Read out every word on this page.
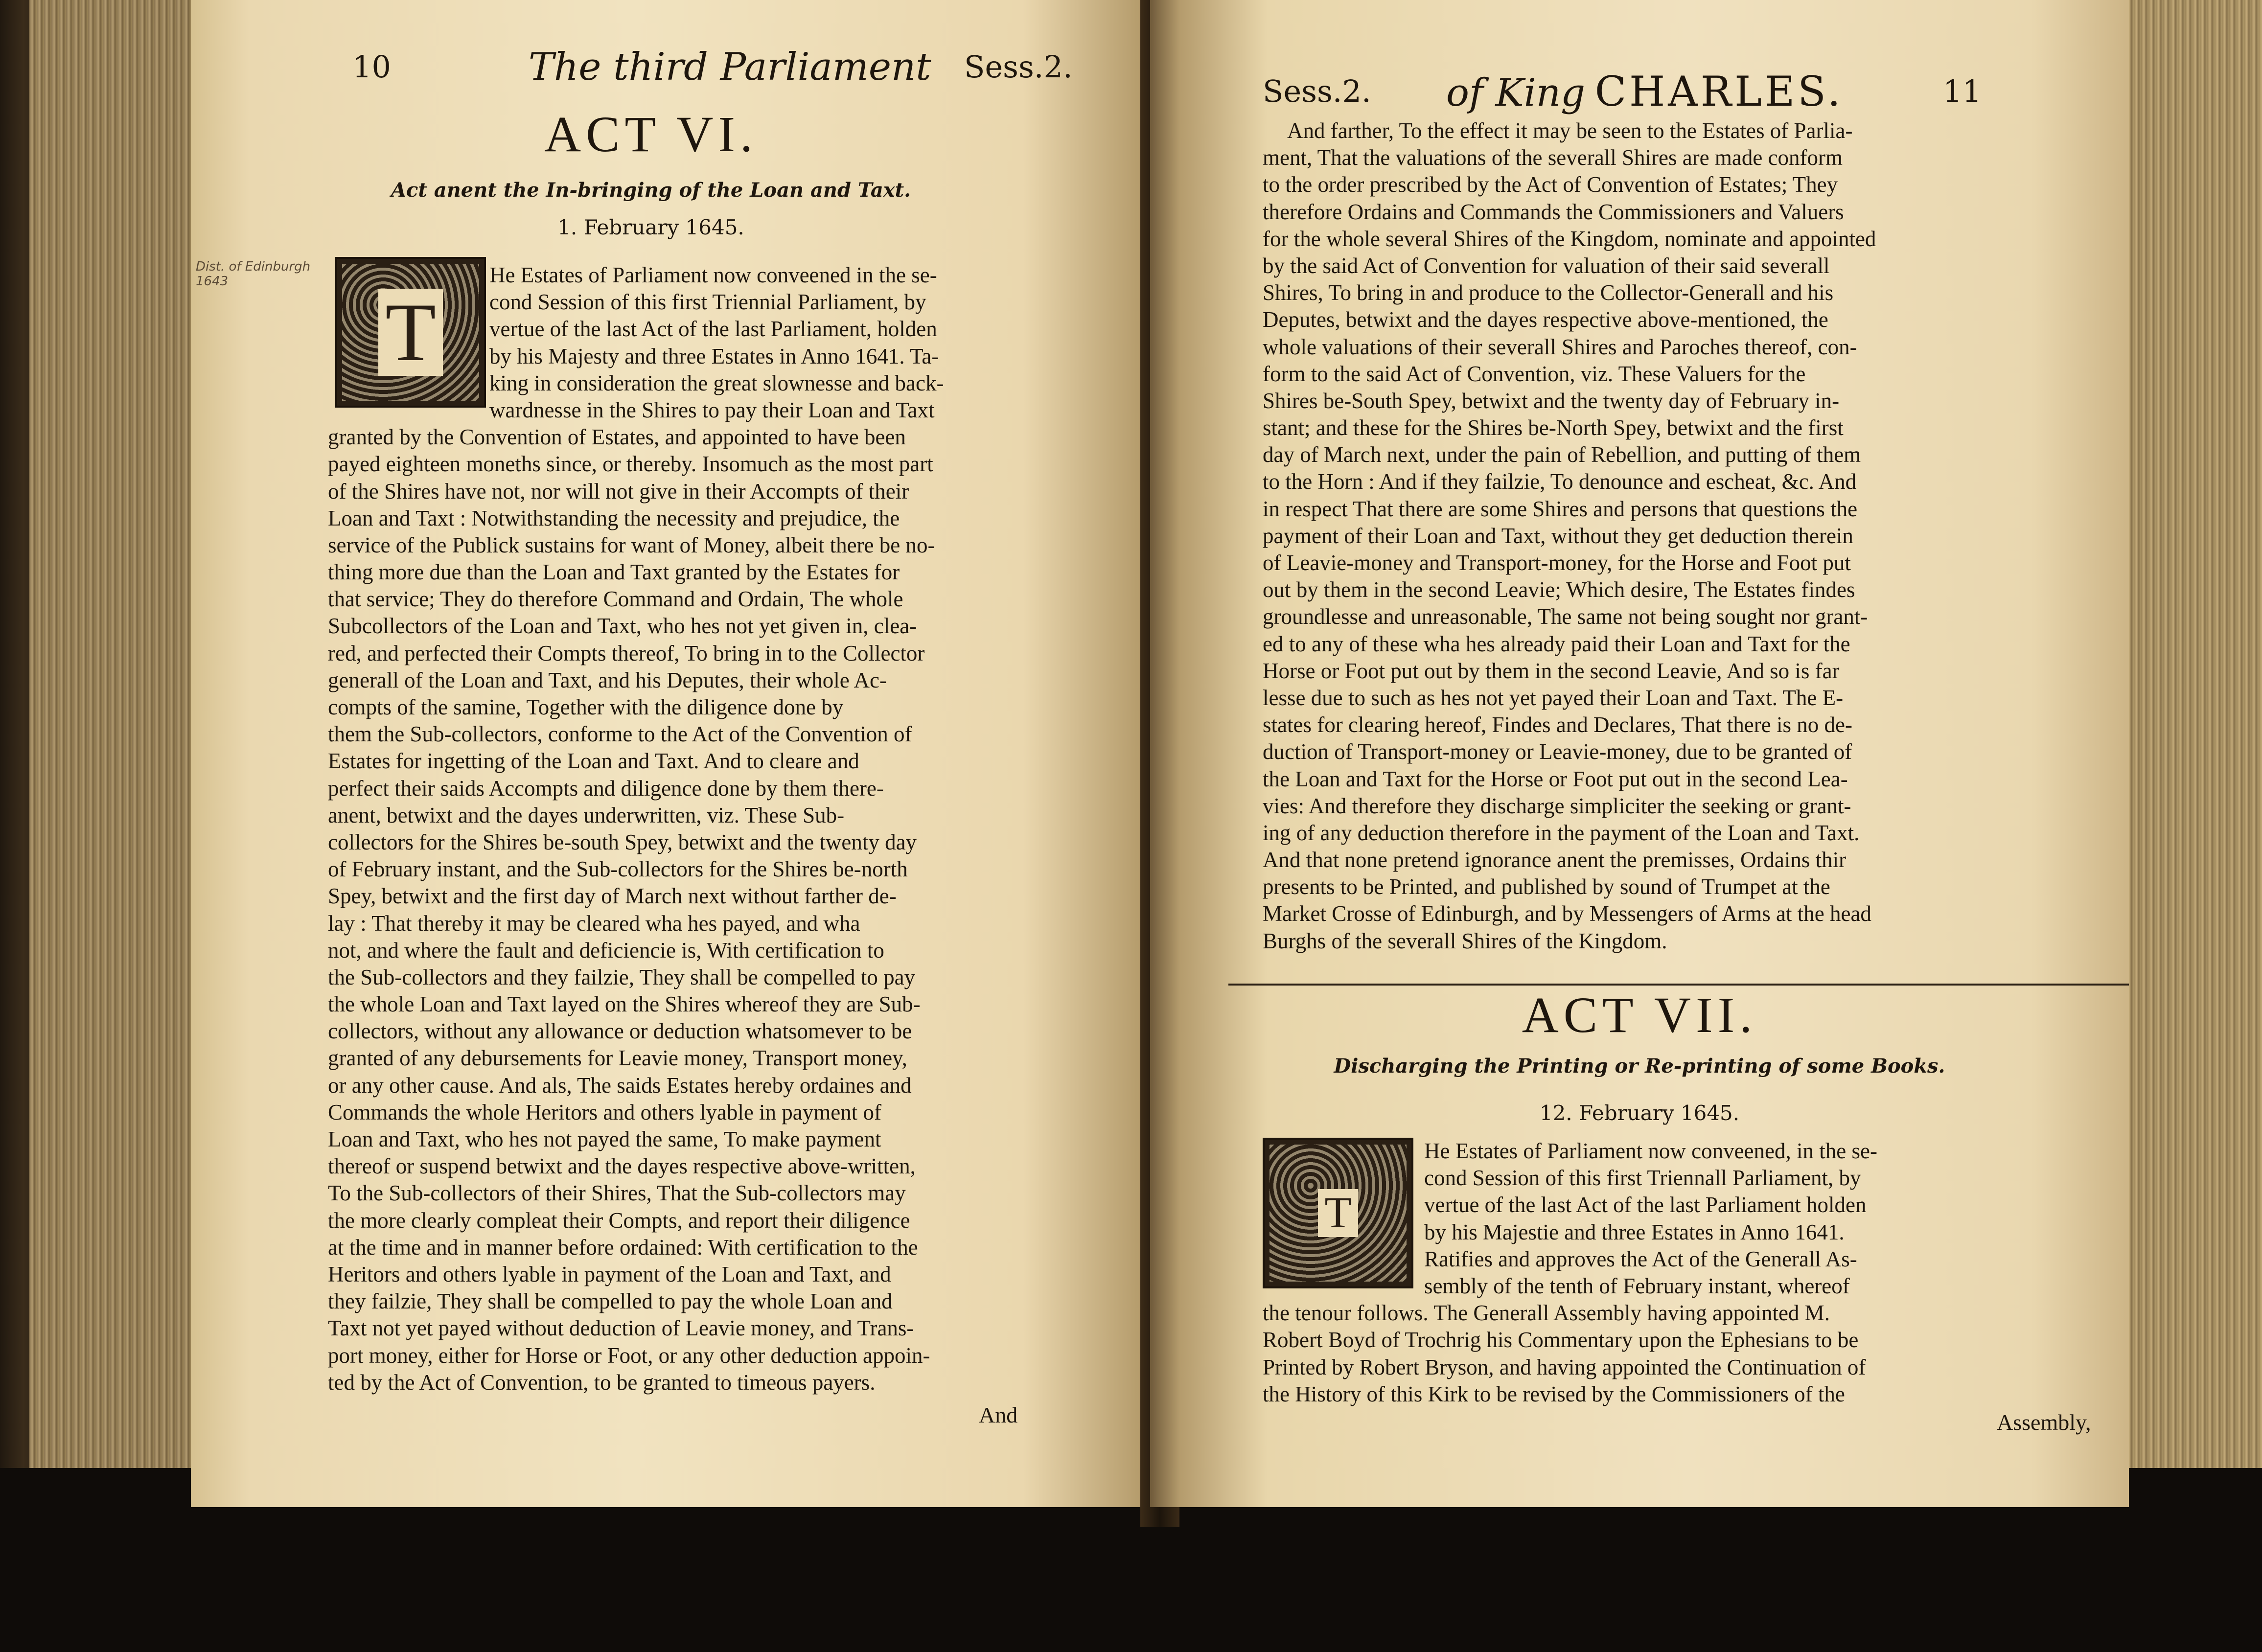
10	The third Parliament Sess.2.
ACT VI.
Act anent the In-bringing of the Loan and Taxt.
1. February 1645.
Dist. of Edinburgh
1643
T
He Estates of Parliament now conveened in the se-
cond Session of this first Triennial Parliament, by
vertue of the last Act of the last Parliament, holden
by his Majesty and three Estates in Anno 1641. Ta-
king in consideration the great slownesse and back-
wardnesse in the Shires to pay their Loan and Taxt
granted by the Convention of Estates, and appointed to have been
payed eighteen moneths since, or thereby. Insomuch as the most part
of the Shires have not, nor will not give in their Accompts of their
Loan and Taxt : Notwithstanding the necessity and prejudice, the
service of the Publick sustains for want of Money, albeit there be no-
thing more due than the Loan and Taxt granted by the Estates for
that service; They do therefore Command and Ordain, The whole
Subcollectors of the Loan and Taxt, who hes not yet given in, clea-
red, and perfected their Compts thereof, To bring in to the Collector
generall of the Loan and Taxt, and his Deputes, their whole Ac-
compts of the samine, Together with the diligence done by
them the Sub-collectors, conforme to the Act of the Convention of
Estates for ingetting of the Loan and Taxt. And to cleare and
perfect their saids Accompts and diligence done by them there-
anent, betwixt and the dayes underwritten, viz. These Sub-
collectors for the Shires be-south Spey, betwixt and the twenty day
of February instant, and the Sub-collectors for the Shires be-north
Spey, betwixt and the first day of March next without farther de-
lay : That thereby it may be cleared wha hes payed, and wha
not, and where the fault and deficiencie is, With certification to
the Sub-collectors and they failzie, They shall be compelled to pay
the whole Loan and Taxt layed on the Shires whereof they are Sub-
collectors, without any allowance or deduction whatsomever to be
granted of any debursements for Leavie money, Transport money,
or any other cause. And als, The saids Estates hereby ordaines and
Commands the whole Heritors and others lyable in payment of
Loan and Taxt, who hes not payed the same, To make payment
thereof or suspend betwixt and the dayes respective above-written,
To the Sub-collectors of their Shires, That the Sub-collectors may
the more clearly compleat their Compts, and report their diligence
at the time and in manner before ordained: With certification to the
Heritors and others lyable in payment of the Loan and Taxt, and
they failzie, They shall be compelled to pay the whole Loan and
Taxt not yet payed without deduction of Leavie money, and Trans-
port money, either for Horse or Foot, or any other deduction appoin-
ted by the Act of Convention, to be granted to timeous payers.
And
Sess.2. of King CHARLES.	11
And farther, To the effect it may be seen to the Estates of Parlia-
ment, That the valuations of the severall Shires are made conform
to the order prescribed by the Act of Convention of Estates; They
therefore Ordains and Commands the Commissioners and Valuers
for the whole several Shires of the Kingdom, nominate and appointed
by the said Act of Convention for valuation of their said severall
Shires, To bring in and produce to the Collector-Generall and his
Deputes, betwixt and the dayes respective above-mentioned, the
whole valuations of their severall Shires and Paroches thereof, con-
form to the said Act of Convention, viz. These Valuers for the
Shires be-South Spey, betwixt and the twenty day of February in-
stant; and these for the Shires be-North Spey, betwixt and the first
day of March next, under the pain of Rebellion, and putting of them
to the Horn : And if they failzie, To denounce and escheat, &c. And
in respect That there are some Shires and persons that questions the
payment of their Loan and Taxt, without they get deduction therein
of Leavie-money and Transport-money, for the Horse and Foot put
out by them in the second Leavie; Which desire, The Estates findes
groundlesse and unreasonable, The same not being sought nor grant-
ed to any of these wha hes already paid their Loan and Taxt for the
Horse or Foot put out by them in the second Leavie, And so is far
lesse due to such as hes not yet payed their Loan and Taxt. The E-
states for clearing hereof, Findes and Declares, That there is no de-
duction of Transport-money or Leavie-money, due to be granted of
the Loan and Taxt for the Horse or Foot put out in the second Lea-
vies: And therefore they discharge simpliciter the seeking or grant-
ing of any deduction therefore in the payment of the Loan and Taxt.
And that none pretend ignorance anent the premisses, Ordains thir
presents to be Printed, and published by sound of Trumpet at the
Market Crosse of Edinburgh, and by Messengers of Arms at the head
Burghs of the severall Shires of the Kingdom.
ACT VII.
Discharging the Printing or Re-printing of some Books.
12. February 1645.
T
He Estates of Parliament now conveened, in the se-
cond Session of this first Triennall Parliament, by
vertue of the last Act of the last Parliament holden
by his Majestie and three Estates in Anno 1641.
Ratifies and approves the Act of the Generall As-
sembly of the tenth of February instant, whereof
the tenour follows. The Generall Assembly having appointed M.
Robert Boyd of Trochrig his Commentary upon the Ephesians to be
Printed by Robert Bryson, and having appointed the Continuation of
the History of this Kirk to be revised by the Commissioners of the
Assembly,
